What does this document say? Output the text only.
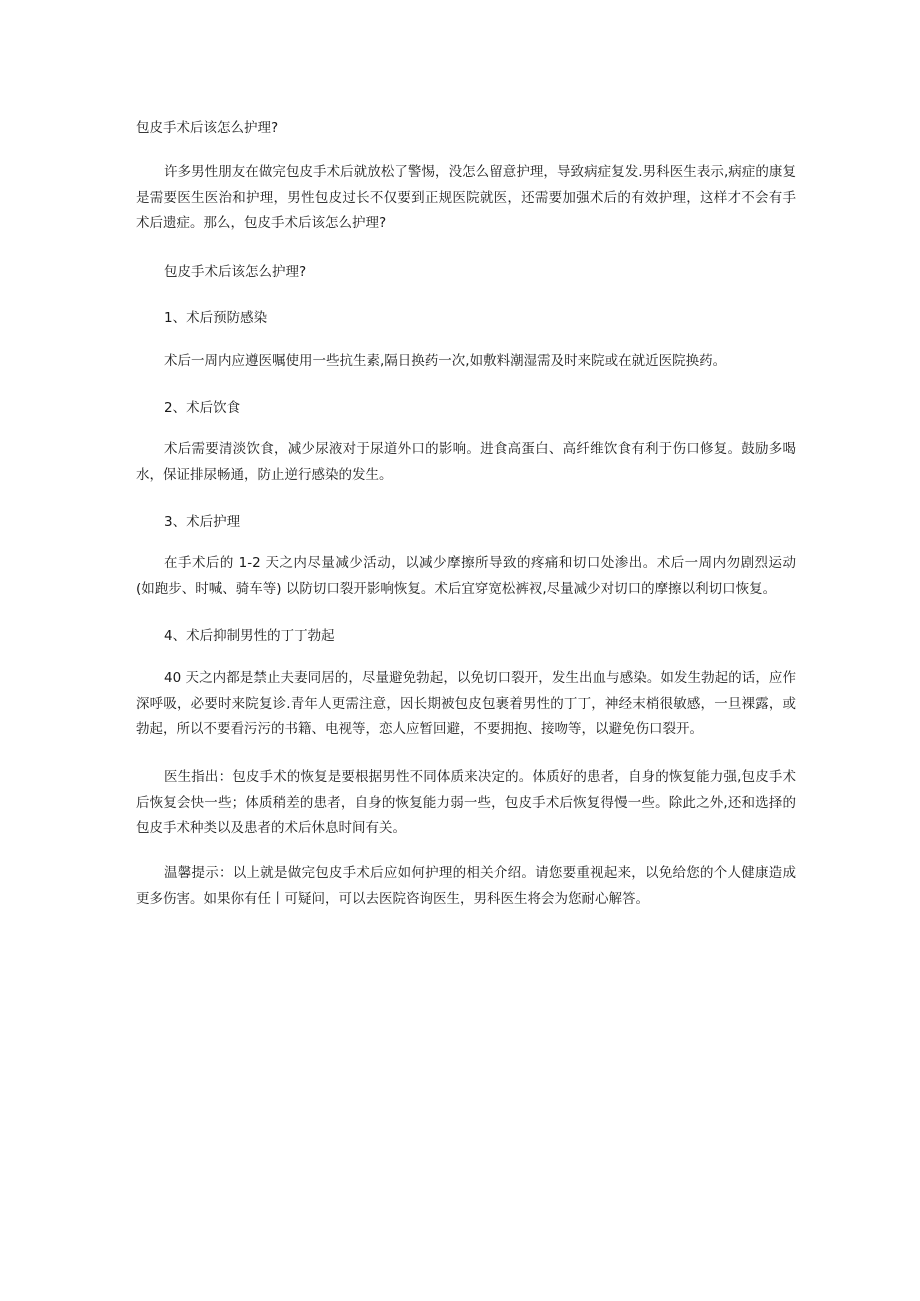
包皮手术后该怎么护理?
许多男性朋友在做完包皮手术后就放松了警惕，没怎么留意护理，导致病症复发.男科医生表示,病症的康复是需要医生医治和护理，男性包皮过长不仅要到正规医院就医，还需要加强术后的有效护理，这样才不会有手术后遗症。那么，包皮手术后该怎么护理?
包皮手术后该怎么护理?
1、术后预防感染
术后一周内应遵医嘱使用一些抗生素,隔日换药一次,如敷料潮湿需及时来院或在就近医院换药。
2、术后饮食
术后需要清淡饮食，减少尿液对于尿道外口的影响。进食高蛋白、高纤维饮食有利于伤口修复。鼓励多喝水，保证排尿畅通，防止逆行感染的发生。
3、术后护理
在手术后的 1-2 天之内尽量减少活动，以减少摩擦所导致的疼痛和切口处渗出。术后一周内勿剧烈运动 (如跑步、时喊、骑车等) 以防切口裂开影响恢复。术后宜穿宽松裤衩,尽量减少对切口的摩擦以利切口恢复。
4、术后抑制男性的丁丁勃起
40 天之内都是禁止夫妻同居的，尽量避免勃起，以免切口裂开，发生出血与感染。如发生勃起的话，应作深呼吸，必要时来院复诊.青年人更需注意，因长期被包皮包裹着男性的丁丁，神经末梢很敏感，一旦裸露，或勃起，所以不要看污污的书籍、电视等，恋人应暂回避，不要拥抱、接吻等，以避免伤口裂开。
医生指出：包皮手术的恢复是要根据男性不同体质来决定的。体质好的患者，自身的恢复能力强,包皮手术后恢复会快一些；体质稍差的患者，自身的恢复能力弱一些，包皮手术后恢复得慢一些。除此之外,还和选择的包皮手术种类以及患者的术后休息时间有关。
温馨提示：以上就是做完包皮手术后应如何护理的相关介绍。请您要重视起来，以免给您的个人健康造成更多伤害。如果你有任丨可疑问，可以去医院咨询医生，男科医生将会为您耐心解答。
